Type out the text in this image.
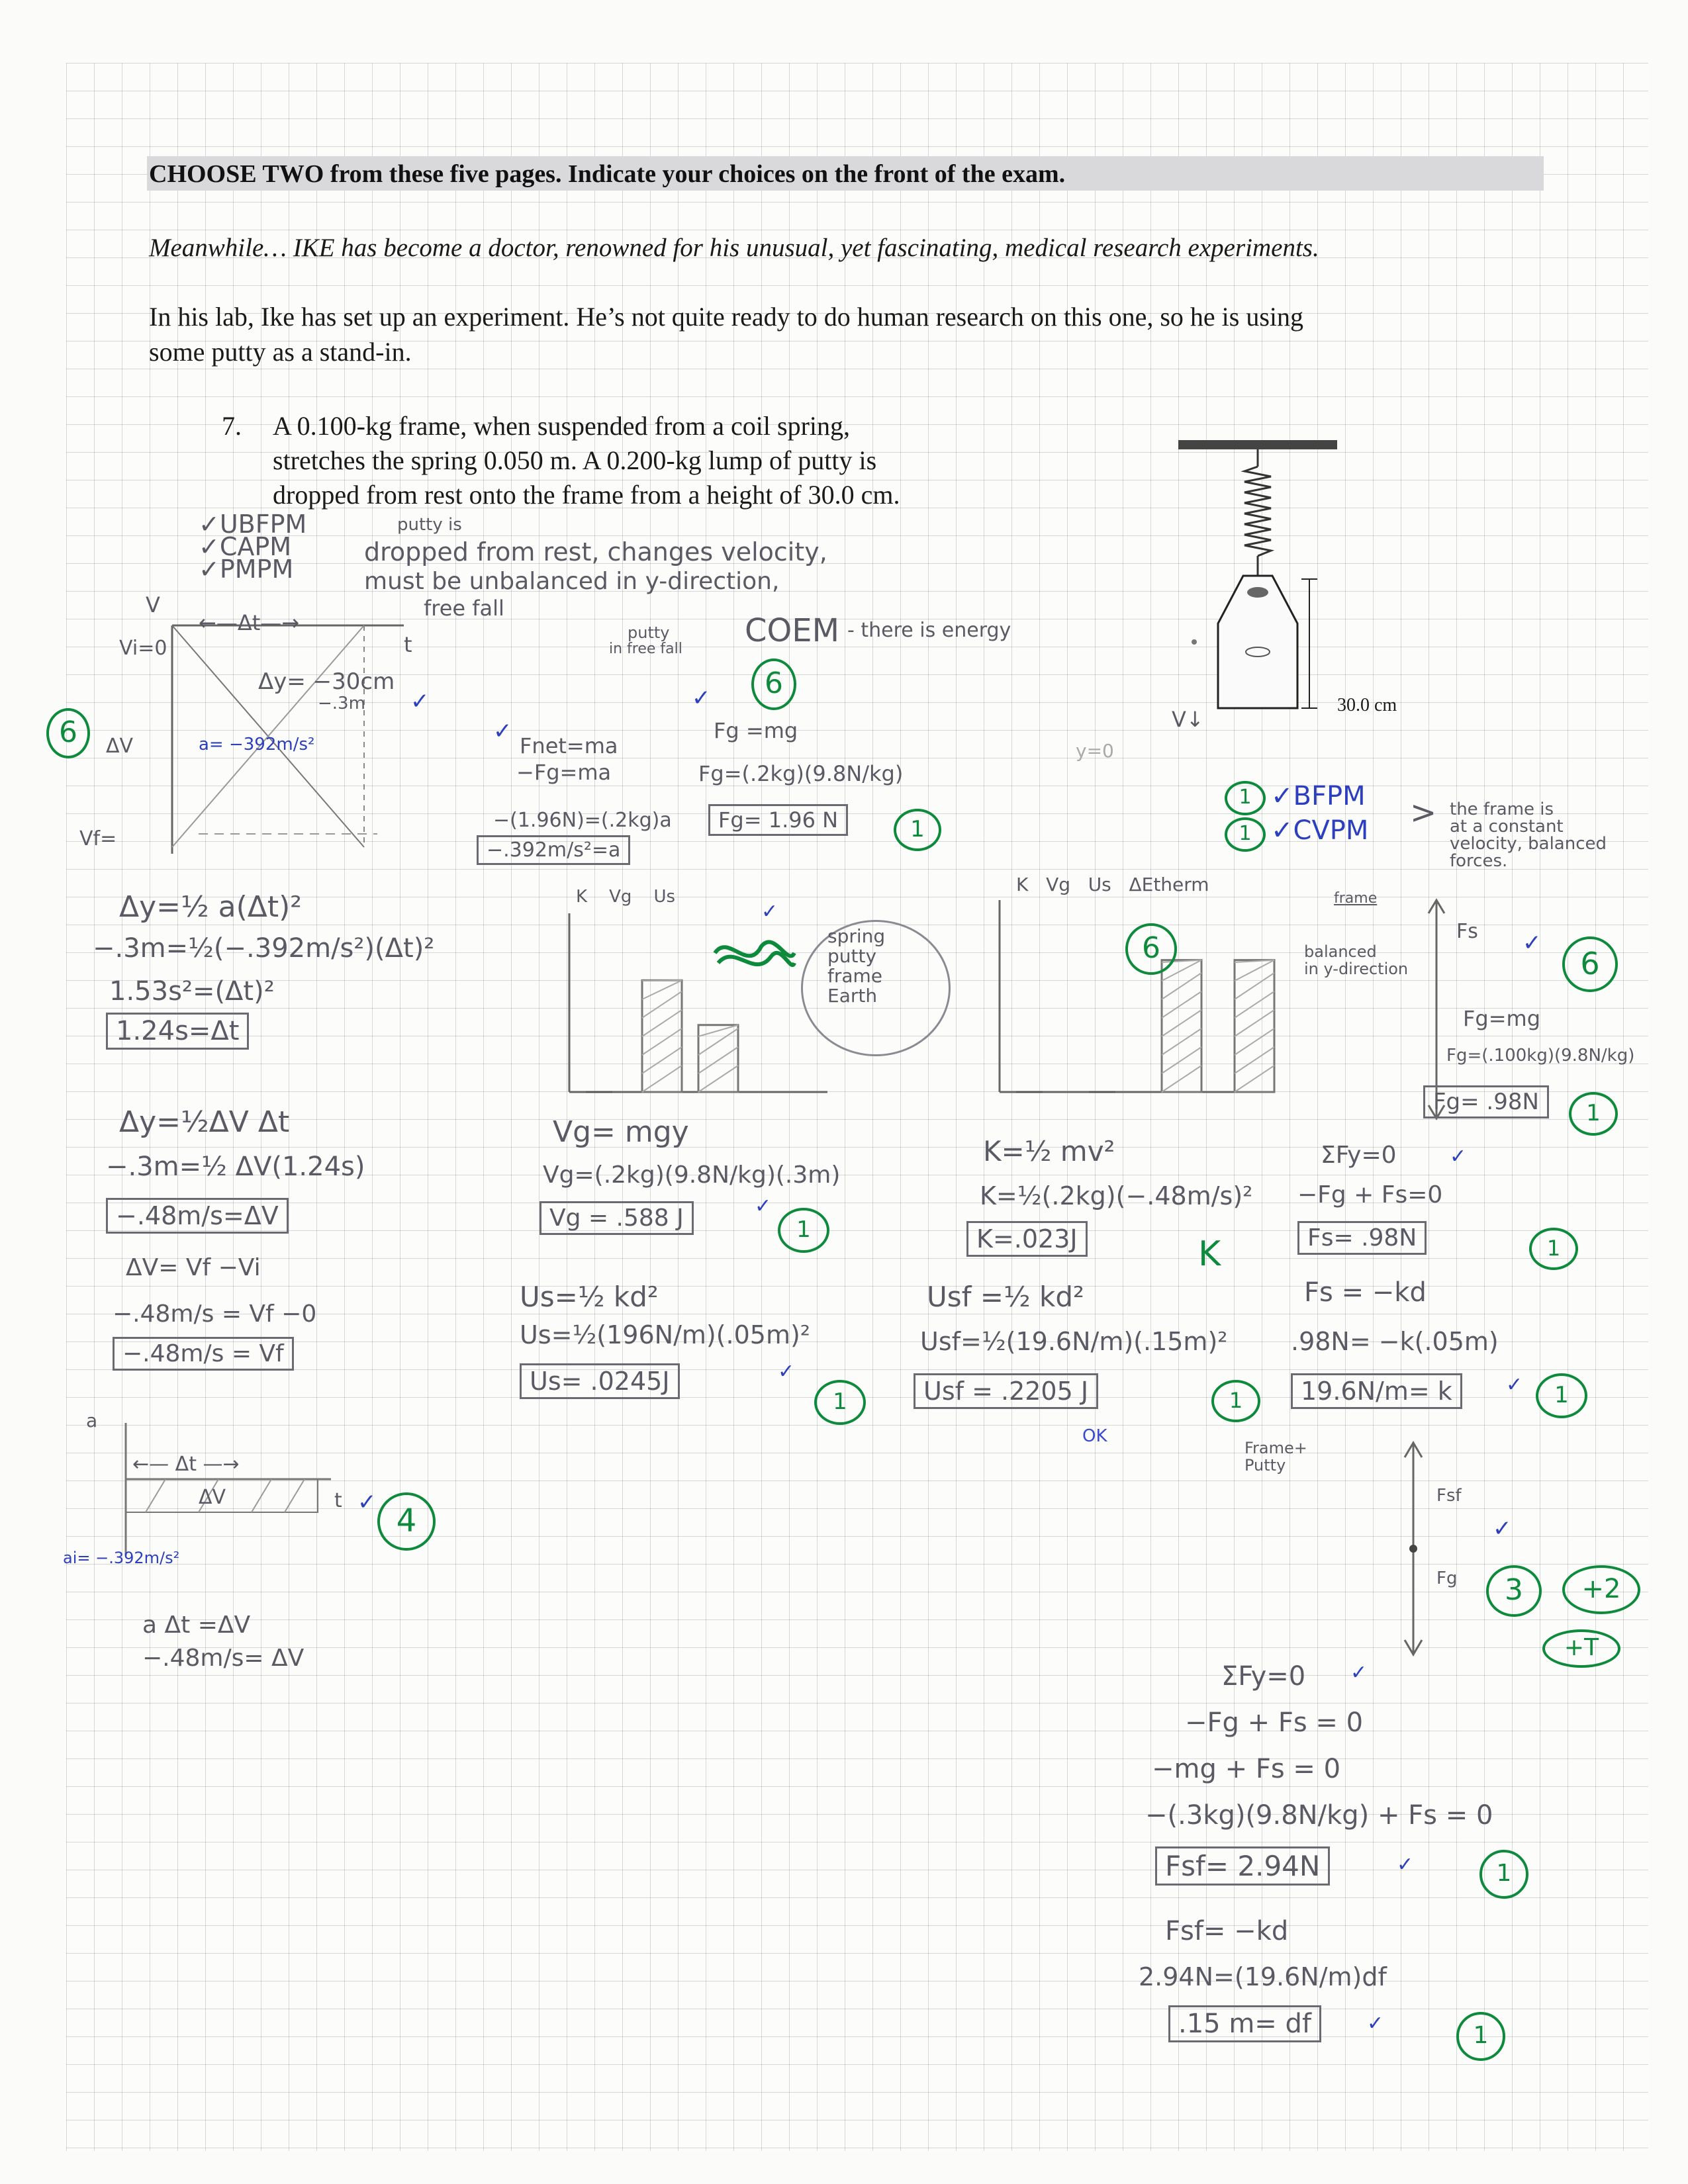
CHOOSE TWO from these five pages. Indicate your choices on the front of the exam.
Meanwhile… IKE has become a doctor, renowned for his unusual, yet fascinating, medical research experiments.
In his lab, Ike has set up an experiment. He’s not quite ready to do human research on this one, so he is using
some putty as a stand-in.
7. A 0.100-kg frame, when suspended from a coil spring,
stretches the spring 0.050 m. A 0.200-kg lump of putty is
dropped from rest onto the frame from a height of 30.0 cm.
30.0 cm
✓UBFPM
✓CAPM
✓PMPM
putty is
dropped from rest, changes velocity,
must be unbalanced in y-direction,
free fall
V
←—Δt—→
t
Vi=0
Δy= −30cm
−.3m
ΔV	a= −392m/s²
Vf=
6
✓
putty
in free fall COEM - there is energy
6
✓
✓
Fnet=ma
−Fg=ma
−(1.96N)=(.2kg)a
−.392m/s²=a
Fg =mg
Fg=(.2kg)(9.8N/kg)
Fg= 1.96 N	1
y=0
V↓
1
1
✓BFPM
✓CVPM > the frame is
at a constant
velocity, balanced
forces.
Δy=½ a(Δt)²
−.3m=½(−.392m/s²)(Δt)²
1.53s²=(Δt)²
1.24s=Δt
Δy=½ΔV Δt
−.3m=½ ΔV(1.24s)
−.48m/s=ΔV
ΔV= Vf −Vi
−.48m/s = Vf −0
−.48m/s = Vf
K    Vg    Us
spring
putty
frame
Earth
✓
K   Vg   Us   ΔEtherm
6
frame
balanced
in y-direction
Fs
Fg=mg
Fg=(.100kg)(9.8N/kg)
Fg= .98N	1
6
✓
Vg= mgy
Vg=(.2kg)(9.8N/kg)(.3m)
Vg = .588 J	1
✓
Us=½ kd²
Us=½(196N/m)(.05m)²
Us= .0245J
1
✓
K=½ mv²
K=½(.2kg)(−.48m/s)²
K=.023J	K
Usf =½ kd²
Usf=½(19.6N/m)(.15m)²
Usf = .2205 J
OK
1
ΣFy=0
−Fg + Fs=0
Fs= .98N	1
✓
Fs = −kd
.98N= −k(.05m)
19.6N/m= k	1
✓
a
←— Δt —→
ΔV	t
ai= −.392m/s²
✓ 4
a Δt =ΔV
−.48m/s= ΔV
Frame+
Putty
Fsf
Fg
✓
3	+2
+T
ΣFy=0 ✓
−Fg + Fs = 0
−mg + Fs = 0
−(.3kg)(9.8N/kg) + Fs = 0
Fsf= 2.94N	✓	1
Fsf= −kd
2.94N=(19.6N/m)df
.15 m= df	✓	1
